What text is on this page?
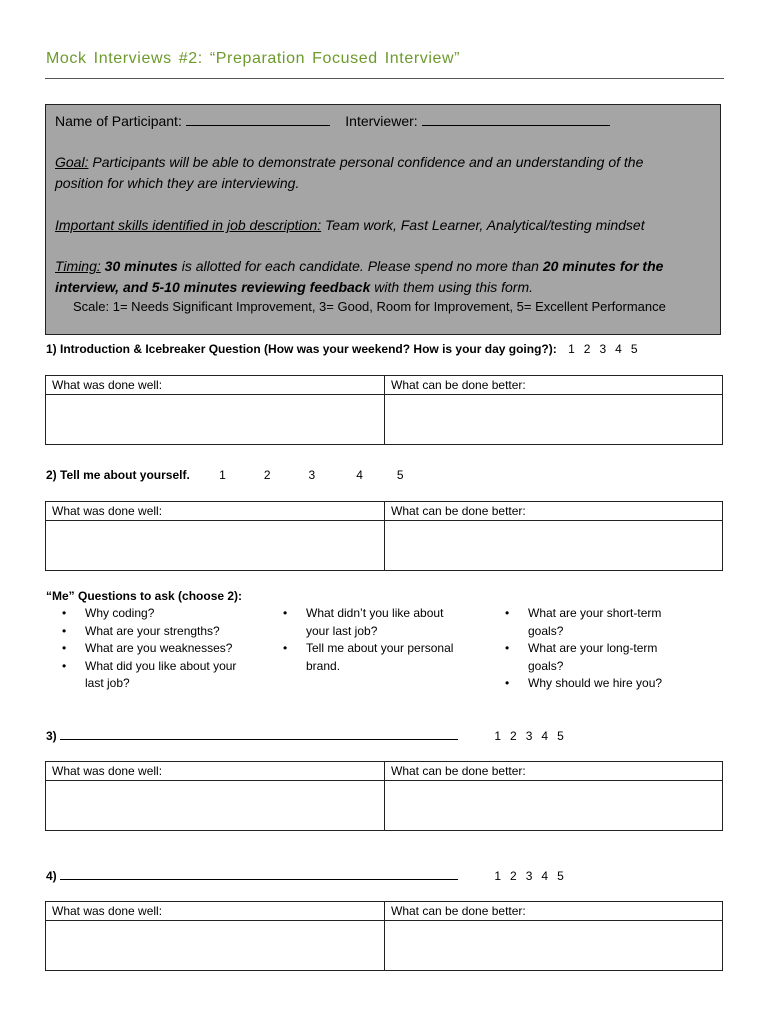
Mock Interviews #2: “Preparation Focused Interview”
Name of Participant:	Interviewer:
Goal: Participants will be able to demonstrate personal confidence and an understanding of the
position for which they are interviewing.
Important skills identified in job description: Team work, Fast Learner, Analytical/testing mindset
Timing: 30 minutes is allotted for each candidate. Please spend no more than 20 minutes for the
interview, and 5-10 minutes reviewing feedback with them using this form.
Scale: 1= Needs Significant Improvement, 3= Good, Room for Improvement, 5= Excellent Performance
1) Introduction & Icebreaker Question (How was your weekend? How is your day going?): 1 2 3 4 5
What was done well:	What can be done better:
2) Tell me about yourself. 1	2	3	4	5
What was done well:	What can be done better:
“Me” Questions to ask (choose 2):
• Why coding?
• What are your strengths?
• What are you weaknesses?
• What did you like about your
last job?
• What didn’t you like about
your last job?
• Tell me about your personal
brand.
• What are your short-term
goals?
• What are your long-term
goals?
• Why should we hire you?
3)	1 2 3 4 5
What was done well:	What can be done better:
4)	1 2 3 4 5
What was done well:	What can be done better:
